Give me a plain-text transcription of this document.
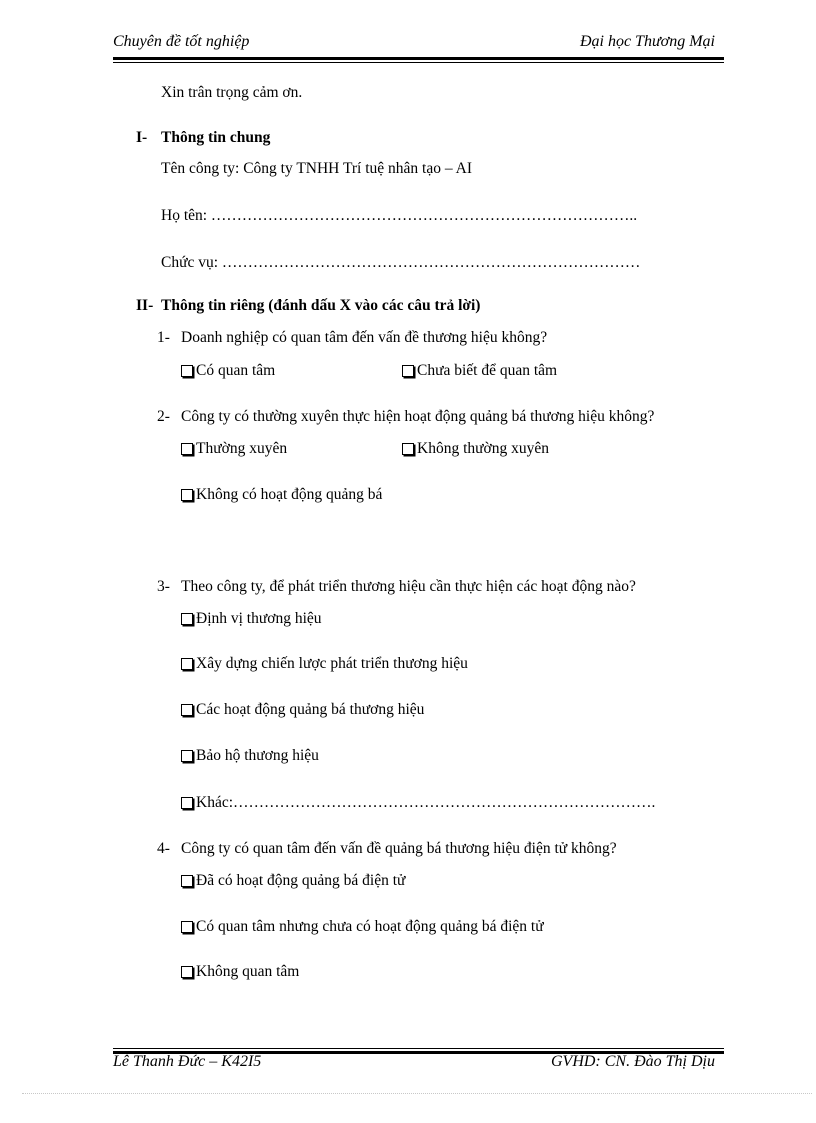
Chuyên đề tốt nghiệp	Đại học Thương Mại
Xin trân trọng cảm ơn.
I- Thông tin chung
Tên công ty: Công ty TNHH Trí tuệ nhân tạo – AI
Họ tên: ………………………………………………………………………..
Chức vụ: ………………………………………………………………………
II- Thông tin riêng (đánh dấu X vào các câu trả lời)
1- Doanh nghiệp có quan tâm đến vấn đề thương hiệu không?
Có quan tâm	Chưa biết để quan tâm
2- Công ty có thường xuyên thực hiện hoạt động quảng bá thương hiệu không?
Thường xuyên	Không thường xuyên
Không có hoạt động quảng bá
3- Theo công ty, để phát triển thương hiệu cần thực hiện các hoạt động nào?
Định vị thương hiệu
Xây dựng chiến lược phát triển thương hiệu
Các hoạt động quảng bá thương hiệu
Bảo hộ thương hiệu
Khác:……………………………………………………………………….
4- Công ty có quan tâm đến vấn đề quảng bá thương hiệu điện tử không?
Đã có hoạt động quảng bá điện tử
Có quan tâm nhưng chưa có hoạt động quảng bá điện tử
Không quan tâm
Lê Thanh Đức – K42I5	GVHD: CN. Đào Thị Dịu
